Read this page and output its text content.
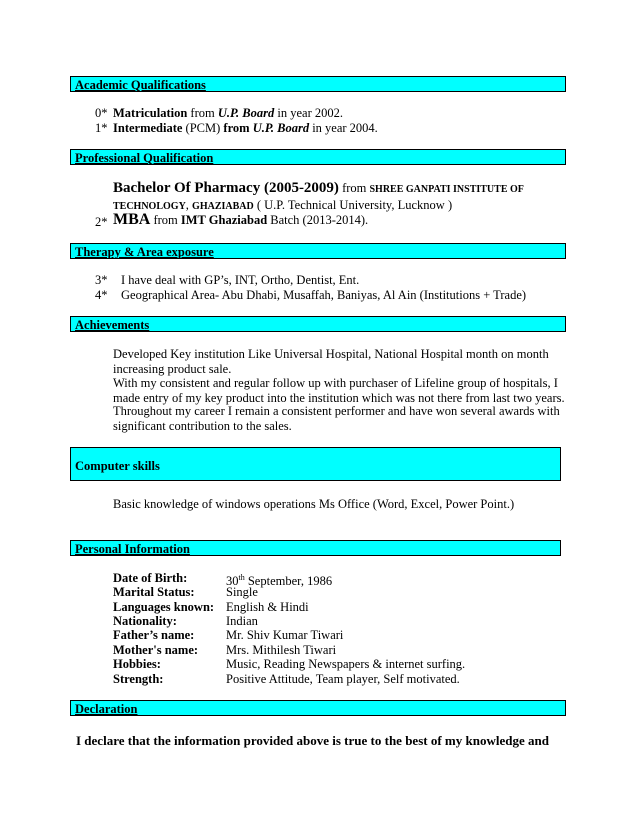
Academic Qualifications
0* Matriculation from U.P. Board in year 2002.
1* Intermediate (PCM) from U.P. Board in year 2004.
Professional Qualification
Bachelor Of Pharmacy (2005-2009) from SHREE GANPATI INSTITUTE OF
TECHNOLOGY, GHAZIABAD ( U.P. Technical University, Lucknow )
2* MBA from IMT Ghaziabad Batch (2013-2014).
Therapy & Area exposure
3* I have deal with GP’s, INT, Ortho, Dentist, Ent.
4* Geographical Area- Abu Dhabi, Musaffah, Baniyas, Al Ain (Institutions + Trade)
Achievements
Developed Key institution Like Universal Hospital, National Hospital month on month increasing product sale.
With my consistent and regular follow up with purchaser of Lifeline group of hospitals, I made entry of my key product into the institution which was not there from last two years.
Throughout my career I remain a consistent performer and have won several awards with significant contribution to the sales.
Computer skills
Basic knowledge of windows operations Ms Office (Word, Excel, Power Point.)
Personal Information
Date of Birth:	30th September, 1986
Marital Status:	Single
Languages known: English & Hindi
Nationality:	Indian
Father’s name:	Mr. Shiv Kumar Tiwari
Mother's name: Mrs. Mithilesh Tiwari
Hobbies:	Music, Reading Newspapers & internet surfing.
Strength:	Positive Attitude, Team player, Self motivated.
Declaration
I declare that the information provided above is true to the best of my knowledge and
